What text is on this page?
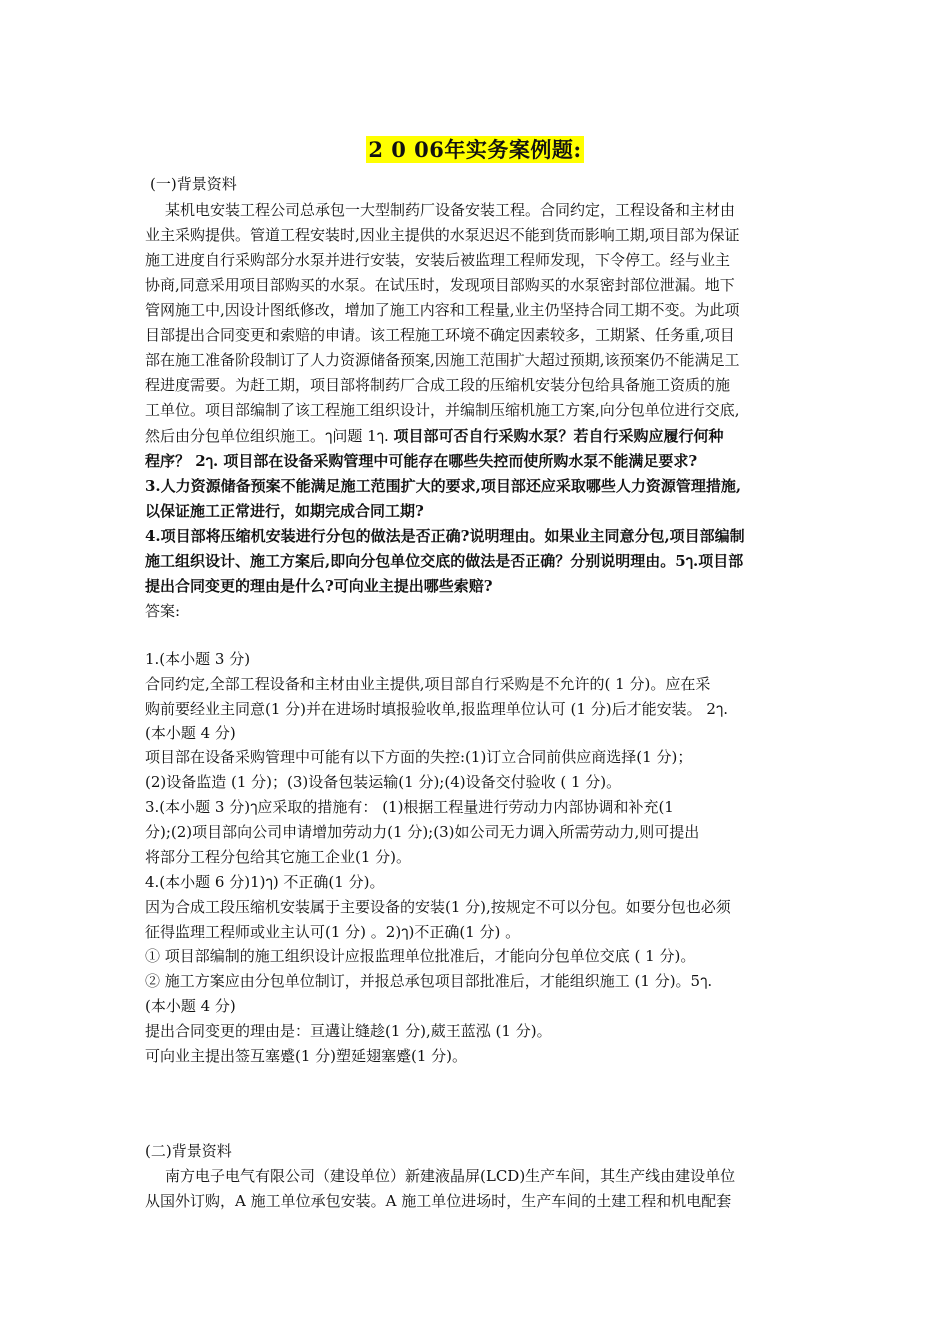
2 0 06年实务案例题:
(一)背景资料
某机电安装工程公司总承包一大型制药厂设备安装工程。合同约定，工程设备和主材由
业主采购提供。管道工程安装时,因业主提供的水泵迟迟不能到货而影响工期,项目部为保证
施工进度自行采购部分水泵并进行安装，安装后被监理工程师发现，下令停工。经与业主
协商,同意采用项目部购买的水泵。在试压时，发现项目部购买的水泵密封部位泄漏。地下
管网施工中,因设计图纸修改，增加了施工内容和工程量,业主仍坚持合同工期不变。为此项
目部提出合同变更和索赔的申请。该工程施工环境不确定因素较多，工期紧、任务重,项目
部在施工准备阶段制订了人力资源储备预案,因施工范围扩大超过预期,该预案仍不能满足工
程进度需要。为赶工期，项目部将制药厂合成工段的压缩机安装分包给具备施工资质的施
工单位。项目部编制了该工程施工组织设计，并编制压缩机施工方案,向分包单位进行交底,
然后由分包单位组织施工。ๅ问题 1ๅ. 项目部可否自行采购水泵？若自行采购应履行何种
程序？ 2ๅ. 项目部在设备采购管理中可能存在哪些失控而使所购水泵不能满足要求?
3.人力资源储备预案不能满足施工范围扩大的要求,项目部还应采取哪些人力资源管理措施,
以保证施工正常进行，如期完成合同工期?
4.项目部将压缩机安装进行分包的做法是否正确?说明理由。如果业主同意分包,项目部编制
施工组织设计、施工方案后,即向分包单位交底的做法是否正确？分别说明理由。5ๅ.项目部
提出合同变更的理由是什么?可向业主提出哪些索赔?
答案:
1.(本小题 3 分)
合同约定,全部工程设备和主材由业主提供,项目部自行采购是不允许的( 1 分)。应在采
购前要经业主同意(1 分)并在进场时填报验收单,报监理单位认可 (1 分)后才能安装。 2ๅ.
(本小题 4 分)
项目部在设备采购管理中可能有以下方面的失控:(1)订立合同前供应商选择(1 分)；
(2)设备监造 (1 分)；(3)设备包装运输(1 分);(4)设备交付验收 ( 1 分)。
3.(本小题 3 分)ๅ应采取的措施有： (1)根据工程量进行劳动力内部协调和补充(1
分);(2)项目部向公司申请增加劳动力(1 分);(3)如公司无力调入所需劳动力,则可提出
将部分工程分包给其它施工企业(1 分)。
4.(本小题 6 分)1)ๅ) 不正确(1 分)。
因为合成工段压缩机安装属于主要设备的安装(1 分),按规定不可以分包。如要分包也必须
征得监理工程师或业主认可(1 分) 。2)ๅ)不正确(1 分) 。
① 项目部编制的施工组织设计应报监理单位批准后，才能向分包单位交底 ( 1 分)。
② 施工方案应由分包单位制订，并报总承包项目部批准后，才能组织施工 (1 分)。5ๅ.
(本小题 4 分)
提出合同变更的理由是：亘遘让缝趁(1 分),葳王蓝泓 (1 分)。
可向业主提出签互塞蹙(1 分)塑延翅塞蹙(1 分)。
(二)背景资料
南方电子电气有限公司（建设单位）新建液晶屏(LCD)生产车间，其生产线由建设单位
从国外订购，A 施工单位承包安装。A 施工单位进场时，生产车间的土建工程和机电配套
